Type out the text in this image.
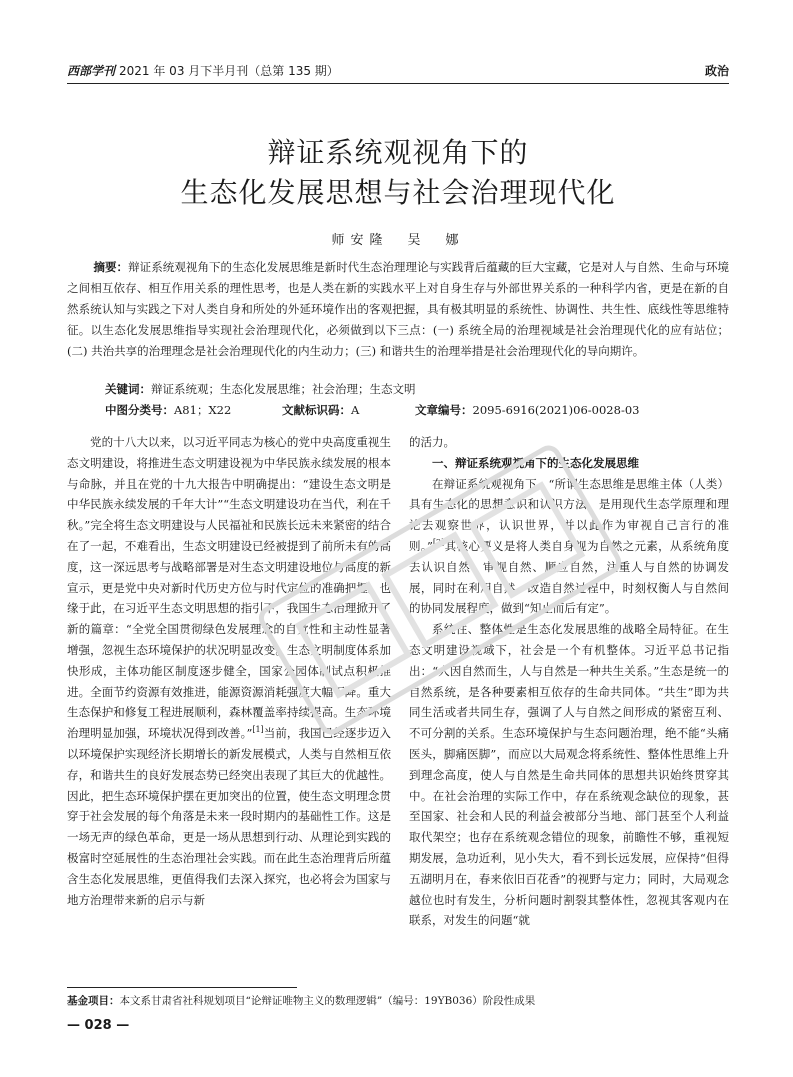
西部学刊 2021 年 03 月下半月刊（总第 135 期）	政治
辩证系统观视角下的
生态化发展思想与社会治理现代化
师安隆　吴　娜
摘要：辩证系统观视角下的生态化发展思维是新时代生态治理理论与实践背后蕴藏的巨大宝藏，它是对人与自然、生命与环境之间相互依存、相互作用关系的理性思考，也是人类在新的实践水平上对自身生存与外部世界关系的一种科学内省，更是在新的自然系统认知与实践之下对人类自身和所处的外延环境作出的客观把握，具有极其明显的系统性、协调性、共生性、底线性等思维特征。以生态化发展思维指导实现社会治理现代化，必须做到以下三点：(一) 系统全局的治理视域是社会治理现代化的应有站位；(二) 共治共享的治理理念是社会治理现代化的内生动力；(三) 和谐共生的治理举措是社会治理现代化的导向期许。
关键词：辩证系统观；生态化发展思维；社会治理；生态文明
中图分类号：A81；X22	文献标识码：A	文章编号：2095-6916(2021)06-0028-03

党的十八大以来，以习近平同志为核心的党中央高度重视生态文明建设，将推进生态文明建设视为中华民族永续发展的根本与命脉，并且在党的十九大报告中明确提出：“建设生态文明是中华民族永续发展的千年大计”“生态文明建设功在当代，利在千秋。”完全将生态文明建设与人民福祉和民族长远未来紧密的结合在了一起，不难看出，生态文明建设已经被提到了前所未有的高度，这一深远思考与战略部署是对生态文明建设地位与高度的新宣示，更是党中央对新时代历史方位与时代定位的准确把握。也缘于此，在习近平生态文明思想的指引下，我国生态治理掀开了新的篇章：“全党全国贯彻绿色发展理念的自觉性和主动性显著增强，忽视生态环境保护的状况明显改变。生态文明制度体系加快形成，主体功能区制度逐步健全，国家公园体制试点积极推进。全面节约资源有效推进，能源资源消耗强度大幅下降。重大生态保护和修复工程进展顺利，森林覆盖率持续提高。生态环境治理明显加强，环境状况得到改善。”[1]当前，我国已经逐步迈入以环境保护实现经济长期增长的新发展模式，人类与自然相互依存，和谐共生的良好发展态势已经突出表现了其巨大的优越性。因此，把生态环境保护摆在更加突出的位置，使生态文明理念贯穿于社会发展的每个角落是未来一段时期内的基础性工作。这是一场无声的绿色革命，更是一场从思想到行动、从理论到实践的极富时空延展性的生态治理社会实践。而在此生态治理背后所蕴含生态化发展思维，更值得我们去深入探究，也必将会为国家与地方治理带来新的启示与新

的活力。

一、辩证系统观视角下的生态化发展思维

在辩证系统观视角下，“所谓生态思维是思维主体（人类）具有生态化的思想意识和认识方法，是用现代生态学原理和理论去观察世界，认识世界，并以此作为审视自己言行的准则。”[2]其核心要义是将人类自身视为自然之元素，从系统角度去认识自然、审视自然、顺应自然，注重人与自然的协调发展，同时在利用自然，改造自然过程中，时刻权衡人与自然间的协同发展程度，做到“知止而后有定”。

系统性、整体性是生态化发展思维的战略全局特征。在生态文明建设视域下，社会是一个有机整体。习近平总书记指出：“人因自然而生，人与自然是一种共生关系。”生态是统一的自然系统，是各种要素相互依存的生命共同体。“共生”即为共同生活或者共同生存，强调了人与自然之间形成的紧密互利、不可分割的关系。生态环境保护与生态问题治理，绝不能“头痛医头，脚痛医脚”，而应以大局观念将系统性、整体性思维上升到理念高度，使人与自然是生命共同体的思想共识始终贯穿其中。在社会治理的实际工作中，存在系统观念缺位的现象，甚至国家、社会和人民的利益会被部分当地、部门甚至个人利益取代架空；也存在系统观念错位的现象，前瞻性不够，重视短期发展，急功近利，见小失大，看不到长远发展，应保持“但得五湖明月在，春来依旧百花香”的视野与定力；同时，大局观念越位也时有发生，分析问题时割裂其整体性，忽视其客观内在联系，对发生的问题“就

基金项目：本文系甘肃省社科规划项目“论辩证唯物主义的数理逻辑”（编号：19YB036）阶段性成果
— 028 —
